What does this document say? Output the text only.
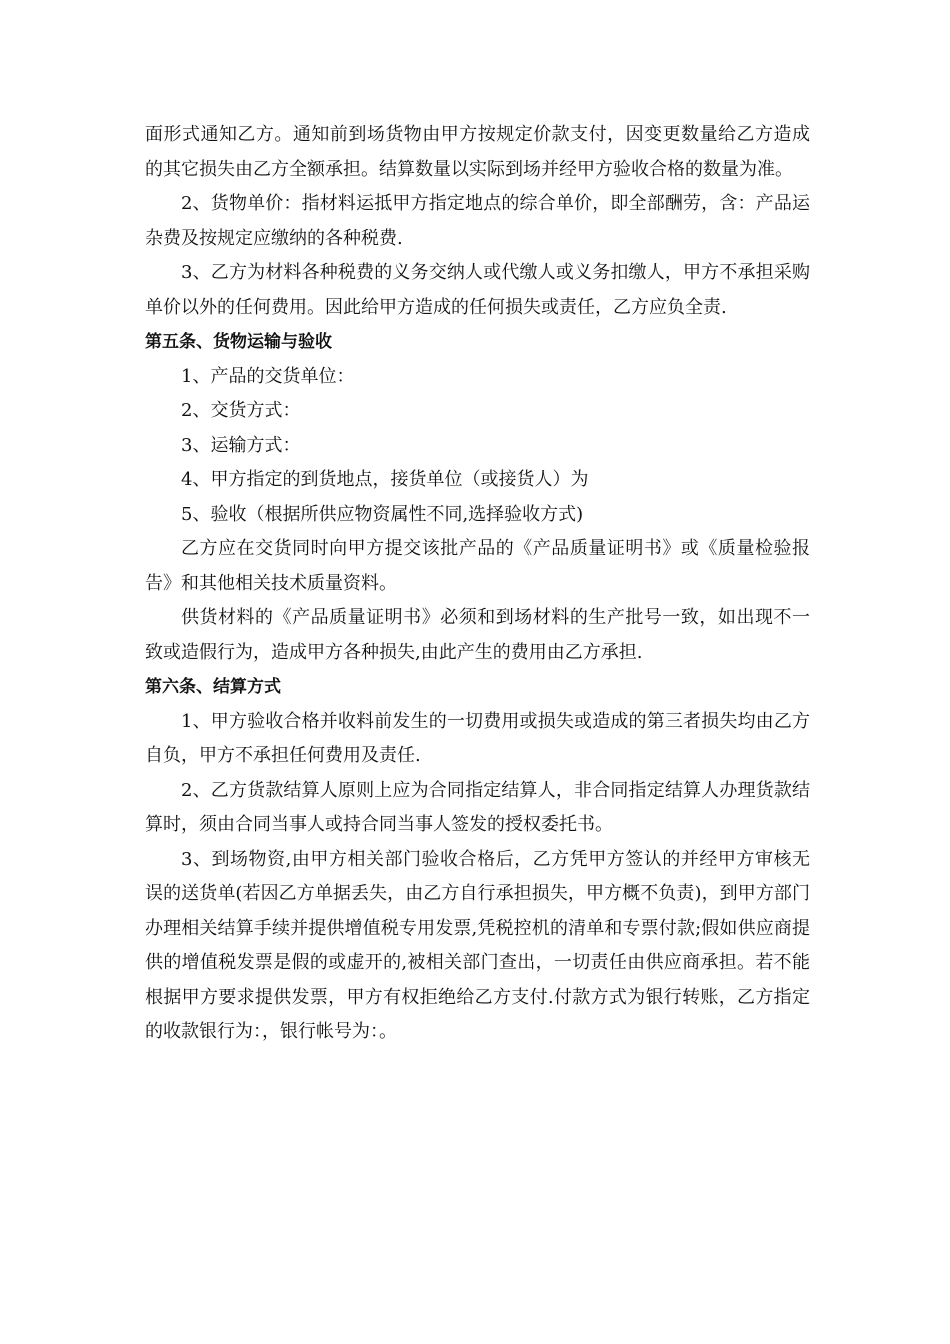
面形式通知乙方。通知前到场货物由甲方按规定价款支付，因变更数量给乙方造成的其它损失由乙方全额承担。结算数量以实际到场并经甲方验收合格的数量为准。

2、货物单价：指材料运抵甲方指定地点的综合单价，即全部酬劳，含：产品运杂费及按规定应缴纳的各种税费.

3、乙方为材料各种税费的义务交纳人或代缴人或义务扣缴人，甲方不承担采购单价以外的任何费用。因此给甲方造成的任何损失或责任，乙方应负全责.

第五条、货物运输与验收

1、产品的交货单位：

2、交货方式：

3、运输方式：

4、甲方指定的到货地点，接货单位（或接货人）为

5、验收（根据所供应物资属性不同,选择验收方式)

乙方应在交货同时向甲方提交该批产品的《产品质量证明书》或《质量检验报告》和其他相关技术质量资料。

供货材料的《产品质量证明书》必须和到场材料的生产批号一致，如出现不一致或造假行为，造成甲方各种损失,由此产生的费用由乙方承担.

第六条、结算方式

1、甲方验收合格并收料前发生的一切费用或损失或造成的第三者损失均由乙方自负，甲方不承担任何费用及责任.

2、乙方货款结算人原则上应为合同指定结算人，非合同指定结算人办理货款结算时，须由合同当事人或持合同当事人签发的授权委托书。

3、到场物资,由甲方相关部门验收合格后，乙方凭甲方签认的并经甲方审核无误的送货单(若因乙方单据丢失，由乙方自行承担损失，甲方概不负责)，到甲方部门办理相关结算手续并提供增值税专用发票,凭税控机的清单和专票付款;假如供应商提供的增值税发票是假的或虚开的,被相关部门查出，一切责任由供应商承担。若不能根据甲方要求提供发票，甲方有权拒绝给乙方支付.付款方式为银行转账，乙方指定的收款银行为：，银行帐号为：。
